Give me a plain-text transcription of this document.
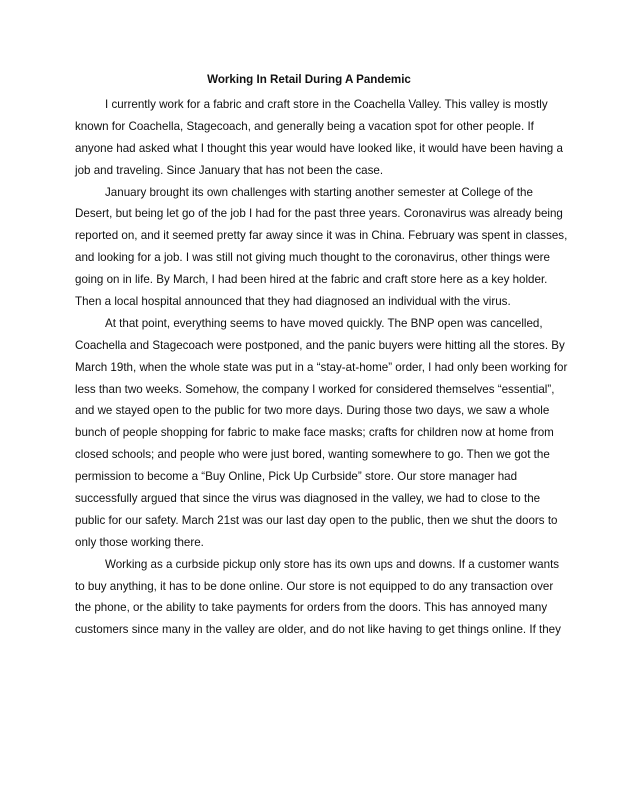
Working In Retail During A Pandemic

I currently work for a fabric and craft store in the Coachella Valley. This valley is mostly
known for Coachella, Stagecoach, and generally being a vacation spot for other people. If
anyone had asked what I thought this year would have looked like, it would have been having a
job and traveling. Since January that has not been the case.

January brought its own challenges with starting another semester at College of the
Desert, but being let go of the job I had for the past three years. Coronavirus was already being
reported on, and it seemed pretty far away since it was in China. February was spent in classes,
and looking for a job. I was still not giving much thought to the coronavirus, other things were
going on in life. By March, I had been hired at the fabric and craft store here as a key holder.
Then a local hospital announced that they had diagnosed an individual with the virus.

At that point, everything seems to have moved quickly. The BNP open was cancelled,
Coachella and Stagecoach were postponed, and the panic buyers were hitting all the stores. By
March 19th, when the whole state was put in a “stay-at-home” order, I had only been working for
less than two weeks. Somehow, the company I worked for considered themselves “essential”,
and we stayed open to the public for two more days. During those two days, we saw a whole
bunch of people shopping for fabric to make face masks; crafts for children now at home from
closed schools; and people who were just bored, wanting somewhere to go. Then we got the
permission to become a “Buy Online, Pick Up Curbside” store. Our store manager had
successfully argued that since the virus was diagnosed in the valley, we had to close to the
public for our safety. March 21st was our last day open to the public, then we shut the doors to
only those working there.

Working as a curbside pickup only store has its own ups and downs. If a customer wants
to buy anything, it has to be done online. Our store is not equipped to do any transaction over
the phone, or the ability to take payments for orders from the doors. This has annoyed many
customers since many in the valley are older, and do not like having to get things online. If they
